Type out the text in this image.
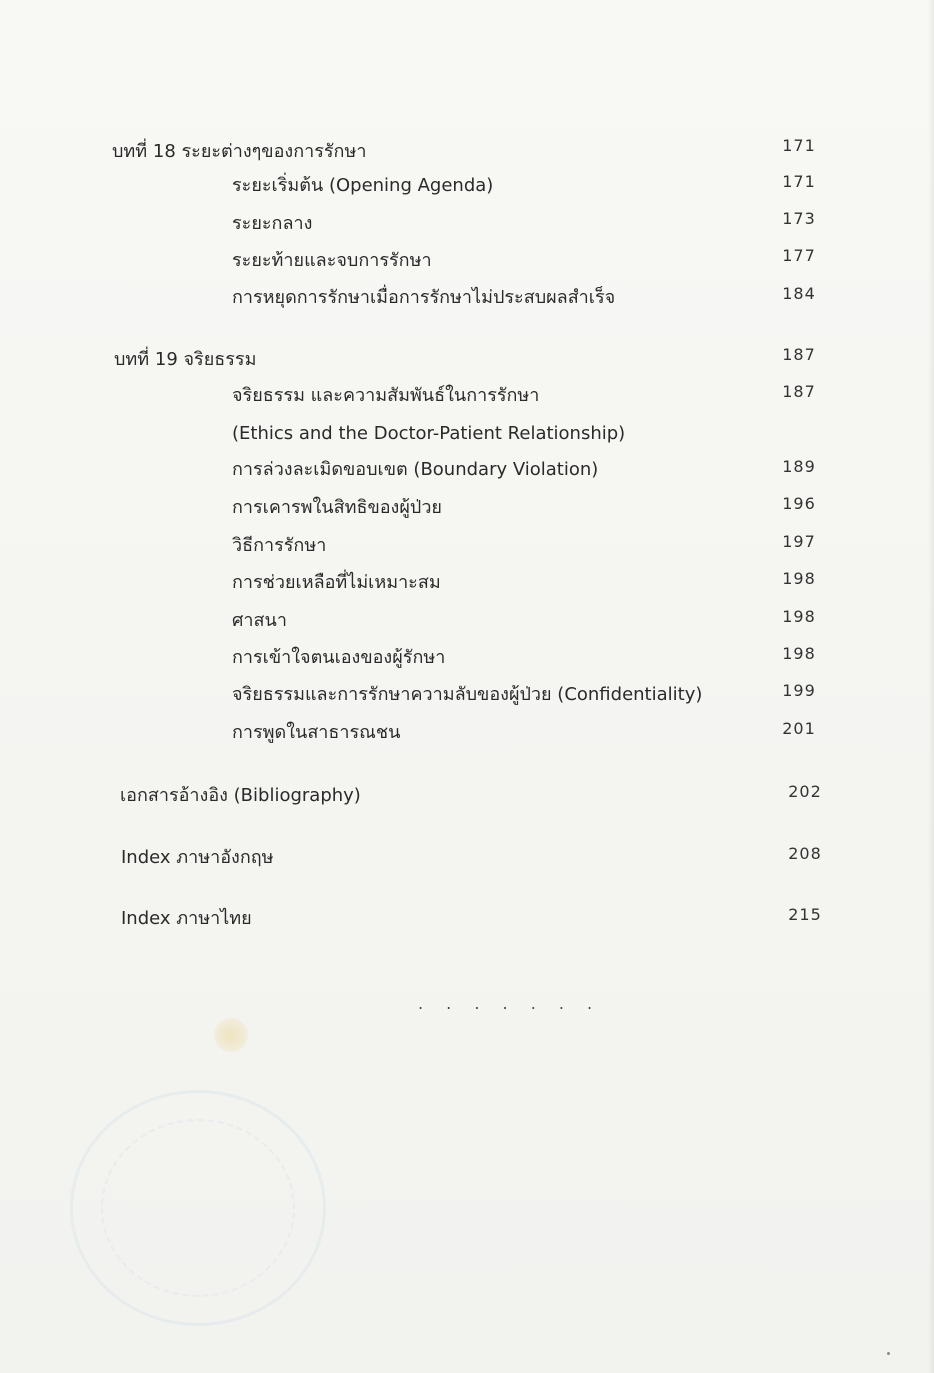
บทที่ 18 ระยะต่างๆของการรักษา	171
ระยะเริ่มต้น (Opening Agenda)	171
ระยะกลาง	173
ระยะท้ายและจบการรักษา	177
การหยุดการรักษาเมื่อการรักษาไม่ประสบผลสำเร็จ	184
บทที่ 19 จริยธรรม	187
จริยธรรม และความสัมพันธ์ในการรักษา	187
(Ethics and the Doctor-Patient Relationship)
การล่วงละเมิดขอบเขต (Boundary Violation)	189
การเคารพในสิทธิของผู้ป่วย	196
วิธีการรักษา	197
การช่วยเหลือที่ไม่เหมาะสม	198
ศาสนา	198
การเข้าใจตนเองของผู้รักษา	198
จริยธรรมและการรักษาความลับของผู้ป่วย (Confidentiality)	199
การพูดในสาธารณชน	201
เอกสารอ้างอิง (Bibliography)	202
Index ภาษาอังกฤษ	208
Index ภาษาไทย	215
. . . . . . .
